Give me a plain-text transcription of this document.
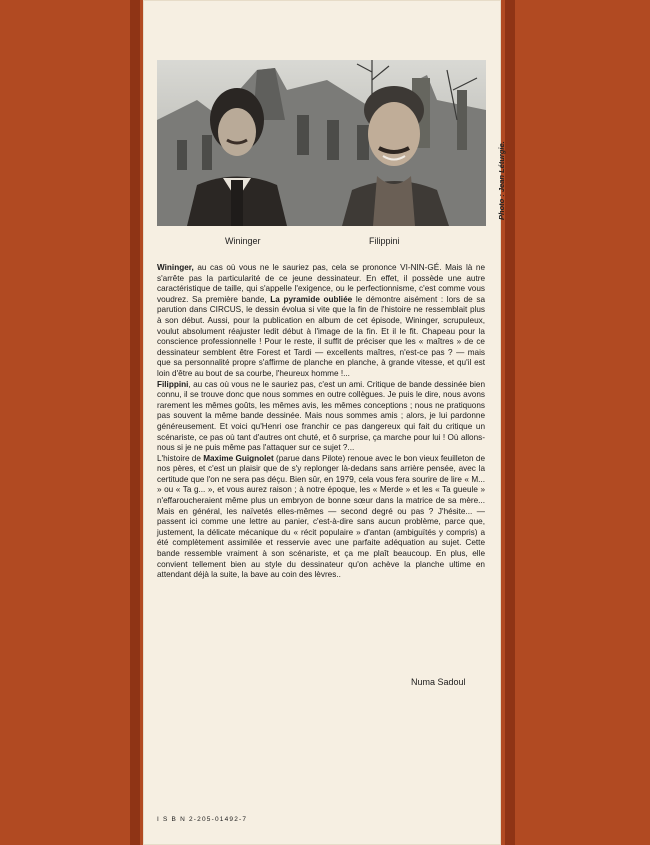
Photo : Jean Léturgie.
Wininger	Filippini

Wininger, au cas où vous ne le sauriez pas, cela se prononce VI-NIN-GÉ. Mais là ne s'arrête pas la particularité de ce jeune dessinateur. En effet, il possède une autre caractéristique de taille, qui s'appelle l'exigence, ou le perfectionnisme, c'est comme vous voudrez. Sa première bande, La pyramide oubliée le démontre aisément : lors de sa parution dans CIRCUS, le dessin évolua si vite que la fin de l'histoire ne ressemblait plus à son début. Aussi, pour la publication en album de cet épisode, Wininger, scrupuleux, voulut absolument réajuster ledit début à l'image de la fin. Et il le fit. Chapeau pour la conscience professionnelle ! Pour le reste, il suffit de préciser que les « maîtres » de ce dessinateur semblent être Forest et Tardi — excellents maîtres, n'est-ce pas ? — mais que sa personnalité propre s'affirme de planche en planche, à grande vitesse, et qu'il est loin d'être au bout de sa courbe, l'heureux homme !...

Filippini, au cas où vous ne le sauriez pas, c'est un ami. Critique de bande dessinée bien connu, il se trouve donc que nous sommes en outre collègues. Je puis le dire, nous avons rarement les mêmes goûts, les mêmes avis, les mêmes conceptions ; nous ne pratiquons pas souvent la même bande dessinée. Mais nous sommes amis ; alors, je lui pardonne généreusement. Et voici qu'Henri ose franchir ce pas dangereux qui fait du critique un scénariste, ce pas où tant d'autres ont chuté, et ô surprise, ça marche pour lui ! Où allons-nous si je ne puis même pas l'attaquer sur ce sujet ?...

L'histoire de Maxime Guignolet (parue dans Pilote) renoue avec le bon vieux feuilleton de nos pères, et c'est un plaisir que de s'y replonger là-dedans sans arrière pensée, avec la certitude que l'on ne sera pas déçu. Bien sûr, en 1979, cela vous fera sourire de lire « M... » ou « Ta g... », et vous aurez raison ; à notre époque, les « Merde » et les « Ta gueule » n'effaroucheraient même plus un embryon de bonne sœur dans la matrice de sa mère... Mais en général, les naïvetés elles-mêmes — second degré ou pas ? J'hésite... — passent ici comme une lettre au panier, c'est-à-dire sans aucun problème, parce que, justement, la délicate mécanique du « récit populaire » d'antan (ambiguïtés y compris) a été complètement assimilée et resservie avec une parfaite adéquation au sujet. Cette bande ressemble vraiment à son scénariste, et ça me plaît beaucoup. En plus, elle convient tellement bien au style du dessinateur qu'on achève la planche ultime en attendant déjà la suite, la bave au coin des lèvres..

Numa Sadoul
I S B N 2-205-01492-7
